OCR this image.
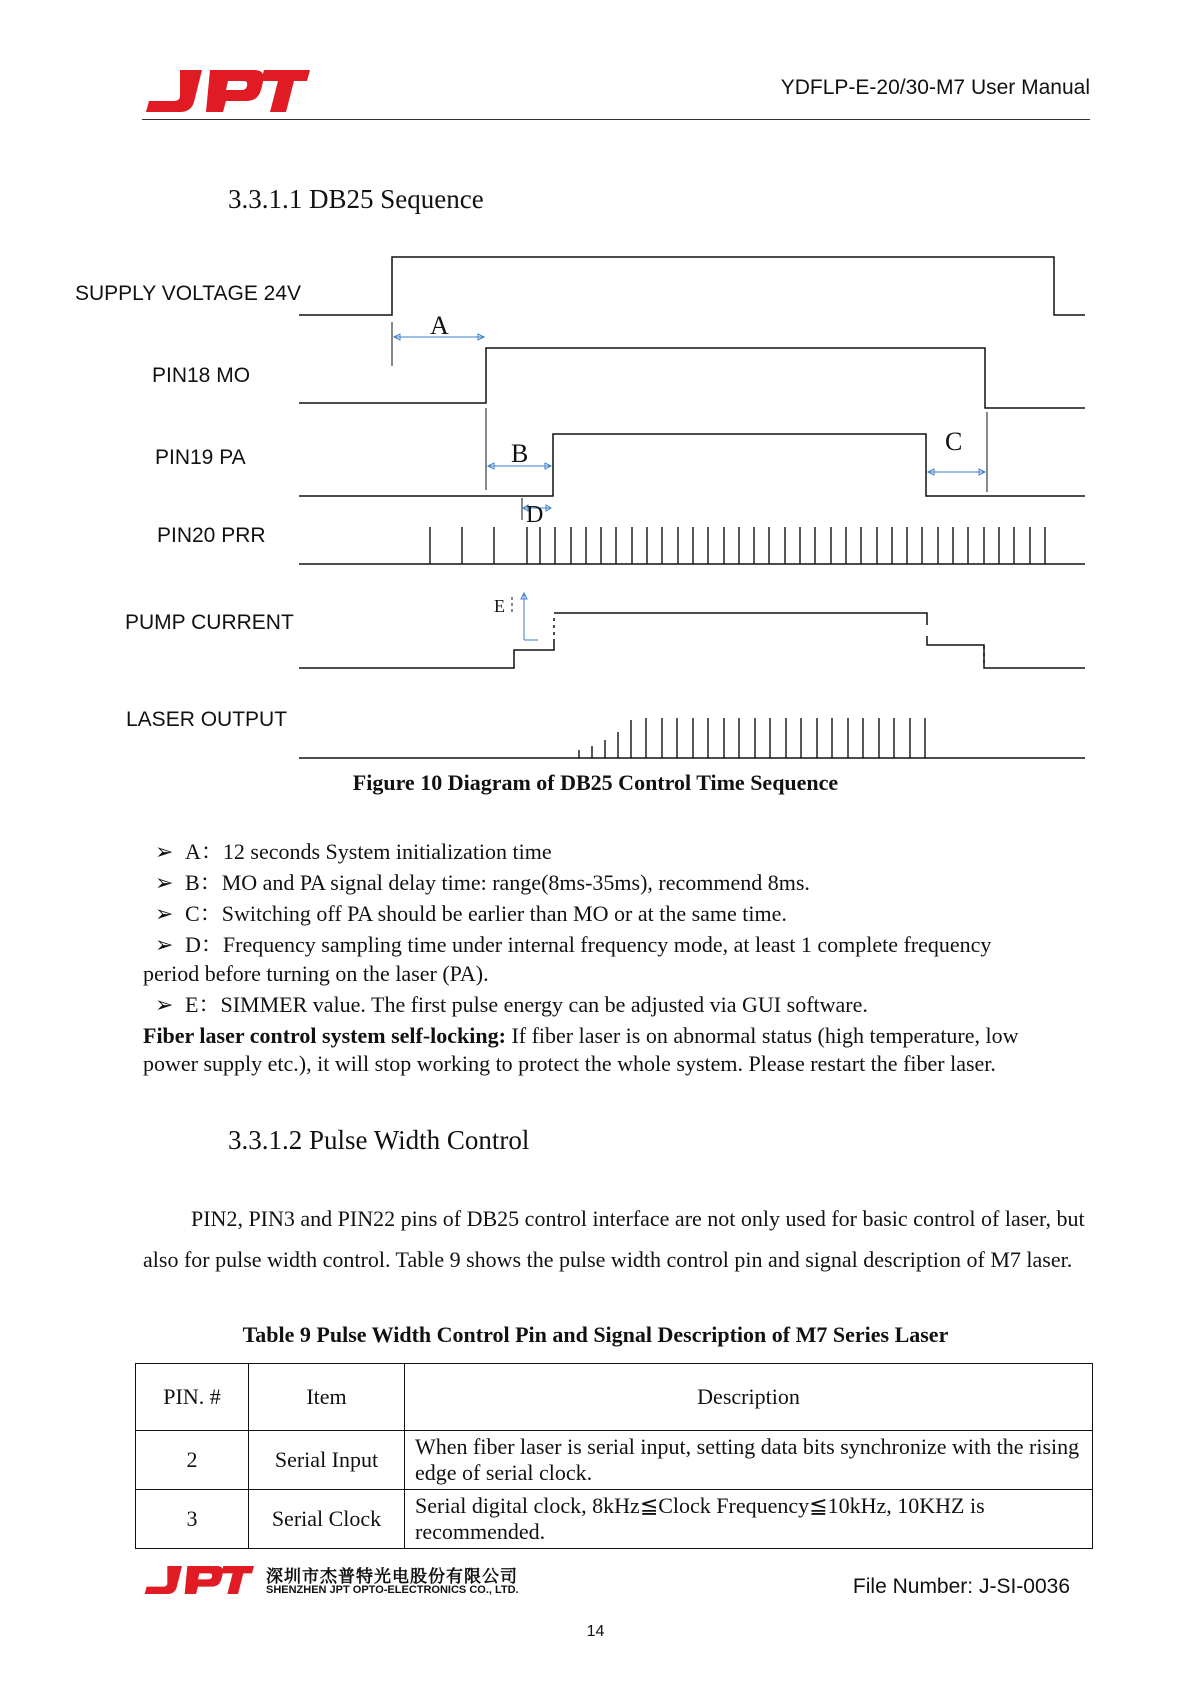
YDFLP-E-20/30-M7 User Manual
3.3.1.1 DB25 Sequence
SUPPLY VOLTAGE 24V
PIN18 MO
PIN19 PA
PIN20 PRR
PUMP CURRENT
LASER OUTPUT
A
B	C
D
E
Figure 10 Diagram of DB25 Control Time Sequence
➢ A：12 seconds System initialization time
➢ B：MO and PA signal delay time: range(8ms-35ms), recommend 8ms.
➢ C：Switching off PA should be earlier than MO or at the same time.
➢ D：Frequency sampling time under internal frequency mode, at least 1 complete frequency
period before turning on the laser (PA).
➢ E：SIMMER value. The first pulse energy can be adjusted via GUI software.
Fiber laser control system self-locking: If fiber laser is on abnormal status (high temperature, low power supply etc.), it will stop working to protect the whole system. Please restart the fiber laser.
3.3.1.2 Pulse Width Control
PIN2, PIN3 and PIN22 pins of DB25 control interface are not only used for basic control of laser, but also for pulse width control. Table 9 shows the pulse width control pin and signal description of M7 laser.
Table 9 Pulse Width Control Pin and Signal Description of M7 Series Laser
PIN. #	Item	Description
2	Serial Input	When fiber laser is serial input, setting data bits synchronize with the rising edge of serial clock.
3	Serial Clock	Serial digital clock, 8kHz≦Clock Frequency≦10kHz, 10KHZ is recommended.
深圳市杰普特光电股份有限公司
SHENZHEN JPT OPTO-ELECTRONICS CO., LTD.	File Number: J-SI-0036
14
